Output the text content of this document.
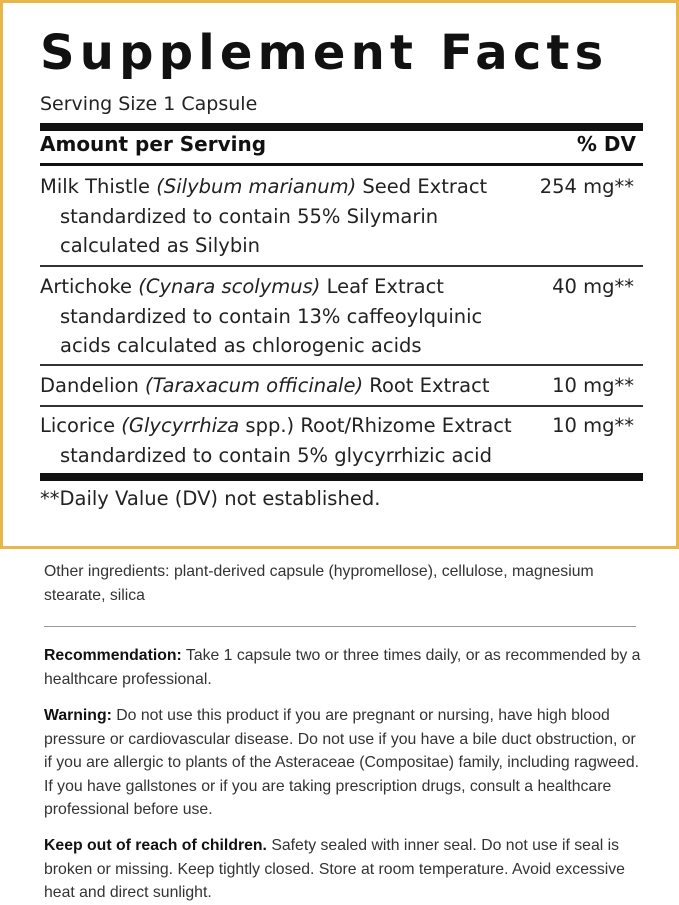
Supplement Facts
Serving Size 1 Capsule
Amount per Serving	% DV
Milk Thistle (Silybum marianum) Seed Extract
standardized to contain 55% Silymarin
calculated as Silybin
254 mg**
Artichoke (Cynara scolymus) Leaf Extract
standardized to contain 13% caffeoylquinic
acids calculated as chlorogenic acids
40 mg**
Dandelion (Taraxacum officinale) Root Extract	10 mg**
Licorice (Glycyrrhiza spp.) Root/Rhizome Extract
standardized to contain 5% glycyrrhizic acid
10 mg**
**Daily Value (DV) not established.
Other ingredients: plant-derived capsule (hypromellose), cellulose, magnesium stearate, silica
Recommendation: Take 1 capsule two or three times daily, or as recommended by a healthcare professional.
Warning: Do not use this product if you are pregnant or nursing, have high blood pressure or cardiovascular disease. Do not use if you have a bile duct obstruction, or if you are allergic to plants of the Asteraceae (Compositae) family, including ragweed. If you have gallstones or if you are taking prescription drugs, consult a healthcare professional before use.
Keep out of reach of children. Safety sealed with inner seal. Do not use if seal is broken or missing. Keep tightly closed. Store at room temperature. Avoid excessive heat and direct sunlight.
